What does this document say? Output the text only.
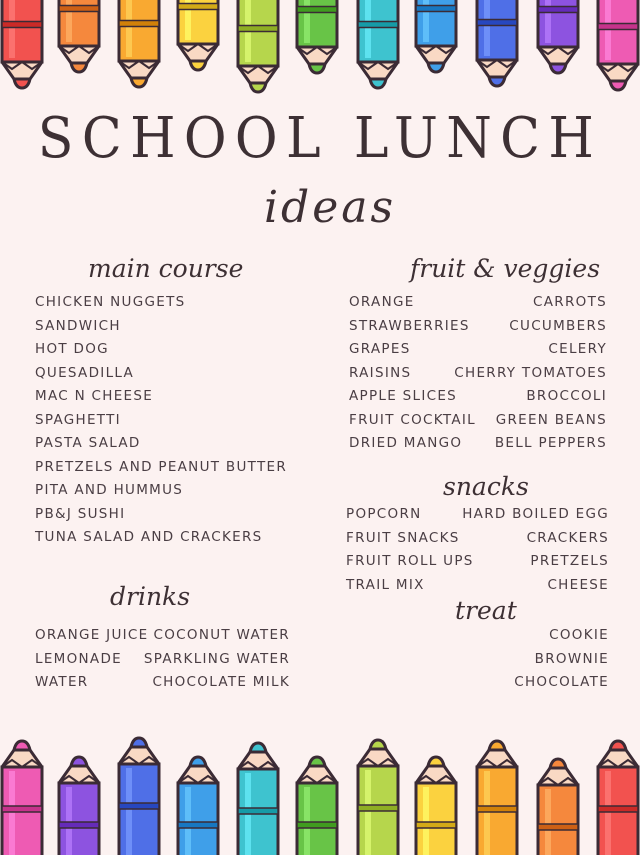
SCHOOL LUNCH
ideas
main course
CHICKEN NUGGETS
SANDWICH
HOT DOG
QUESADILLA
MAC N CHEESE
SPAGHETTI
PASTA SALAD
PRETZELS AND PEANUT BUTTER
PITA AND HUMMUS
PB&J SUSHI
TUNA SALAD AND CRACKERS
fruit & veggies
ORANGE
STRAWBERRIES
GRAPES
RAISINS
APPLE SLICES
FRUIT COCKTAIL
DRIED MANGO
CARROTS
CUCUMBERS
CELERY
CHERRY TOMATOES
BROCCOLI
GREEN BEANS
BELL PEPPERS
snacks
POPCORN
FRUIT SNACKS
FRUIT ROLL UPS
TRAIL MIX
HARD BOILED EGG
CRACKERS
PRETZELS
CHEESE
drinks
ORANGE JUICE
LEMONADE
WATER
COCONUT WATER
SPARKLING WATER
CHOCOLATE MILK
treat
COOKIE
BROWNIE
CHOCOLATE
